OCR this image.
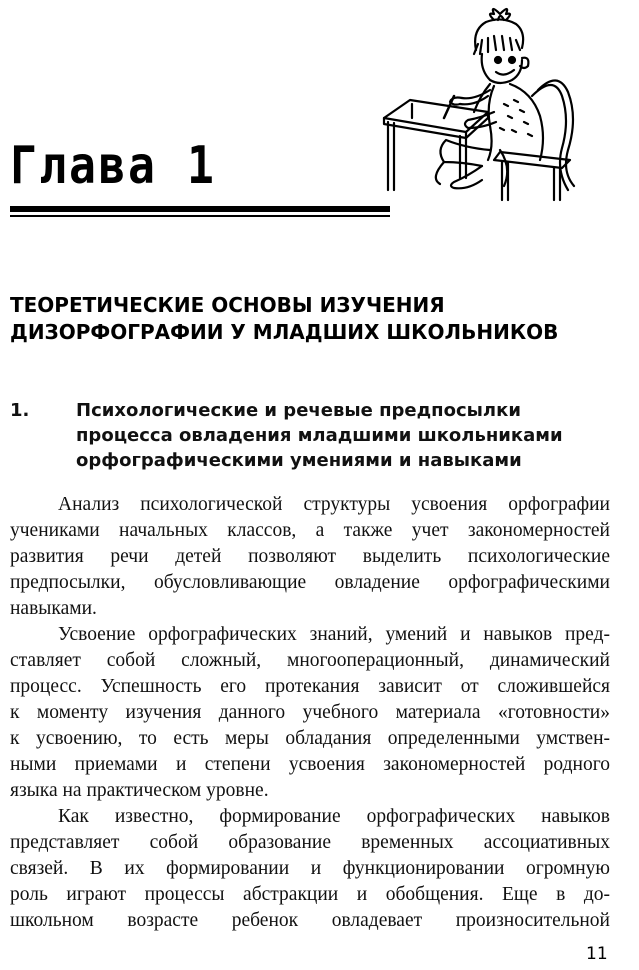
Глава 1
ТЕОРЕТИЧЕСКИЕ ОСНОВЫ ИЗУЧЕНИЯ
ДИЗОРФОГРАФИИ У МЛАДШИХ ШКОЛЬНИКОВ
1.	Психологические и речевые предпосылки
процесса овладения младшими школьниками
орфографическими умениями и навыками
Анализ психологической структуры усвоения орфографии
учениками начальных классов, а также учет закономерностей
развития речи детей позволяют выделить психологические
предпосылки, обусловливающие овладение орфографическими
навыками.
Усвоение орфографических знаний, умений и навыков пред-
ставляет собой сложный, многооперационный, динамический
процесс. Успешность его протекания зависит от сложившейся
к моменту изучения данного учебного материала «готовности»
к усвоению, то есть меры обладания определенными умствен-
ными приемами и степени усвоения закономерностей родного
языка на практическом уровне.
Как известно, формирование орфографических навыков
представляет собой образование временных ассоциативных
связей. В их формировании и функционировании огромную
роль играют процессы абстракции и обобщения. Еще в до-
школьном возрасте ребенок овладевает произносительной
11
